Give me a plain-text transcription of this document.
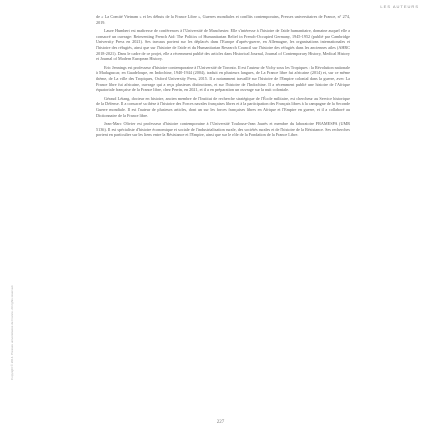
LES AUTEURS
Copyright © 2014. Presses universitaires de France. All rights reserved.

de « La Comité Vietnam » et les débuts de la France Libre », Guerres mondiales et conflits contemporains, Presses universitaires de France, n° 274, 2019.

Laure Humbert est maîtresse de conférences à l'Université de Manchester. Elle s'intéresse à l'histoire de l'aide humanitaire, domaine auquel elle a consacré un ouvrage: Reinventing French Aid: The Politics of Humanitarian Relief in French-Occupied Germany, 1945-1952 (publié par Cambridge University Press en 2021). Ses travaux portent sur les déplacés dans l'Europe d'après-guerre, en Allemagne, les organisations internationales et l'histoire des réfugiés, ainsi que sur l'histoire de l'aide et du Humanitarian Research Council sur l'histoire des réfugiés dans les anciennes ailes (AHRC 2018-2021). Dans le cadre de ce projet, elle a récemment publié des articles dans Historical Journal, Journal of Contemporary History, Medical History et Journal of Modern European History.

Eric Jennings est professeur d'histoire contemporaine à l'Université de Toronto. Il est l'auteur de Vichy sous les Tropiques : la Révolution nationale à Madagascar, en Guadeloupe, en Indochine, 1940-1944 (2004), traduit en plusieurs langues, de La France libre fut africaine (2014) et, sur ce même thème, de La ville des Tropiques, Oxford University Press, 2015. Il a notamment travaillé sur l'histoire de l'Empire colonial dans la guerre, avec La France libre fut africaine, ouvrage qui a reçu plusieurs distinctions, et sur l'histoire de l'Indochine. Il a récemment publié une histoire de l'Afrique équatoriale française de la France libre, chez Perrin, en 2021, et il a en préparation un ouvrage sur la nuit coloniale.

Géraud Létang, docteur en histoire, ancien membre de l'Institut de recherche stratégique de l'École militaire, est chercheur au Service historique de la Défense. Il a consacré sa thèse à l'histoire des Forces navales françaises libres et à la participation des Français libres à la campagne de la Seconde Guerre mondiale. Il est l'auteur de plusieurs articles, dont un sur les forces françaises libres en Afrique et l'Empire en guerre, et il a collaboré au Dictionnaire de la France libre.

Jean-Marc Olivier est professeur d'histoire contemporaine à l'Université Toulouse-Jean Jaurès et membre du laboratoire FRAMESPA (UMR 5136). Il est spécialiste d'histoire économique et sociale de l'industrialisation rurale, des sociétés rurales et de l'histoire de la Résistance. Ses recherches portent en particulier sur les liens entre la Résistance et l'Empire, ainsi que sur le rôle de la Fondation de la France Libre.

227
